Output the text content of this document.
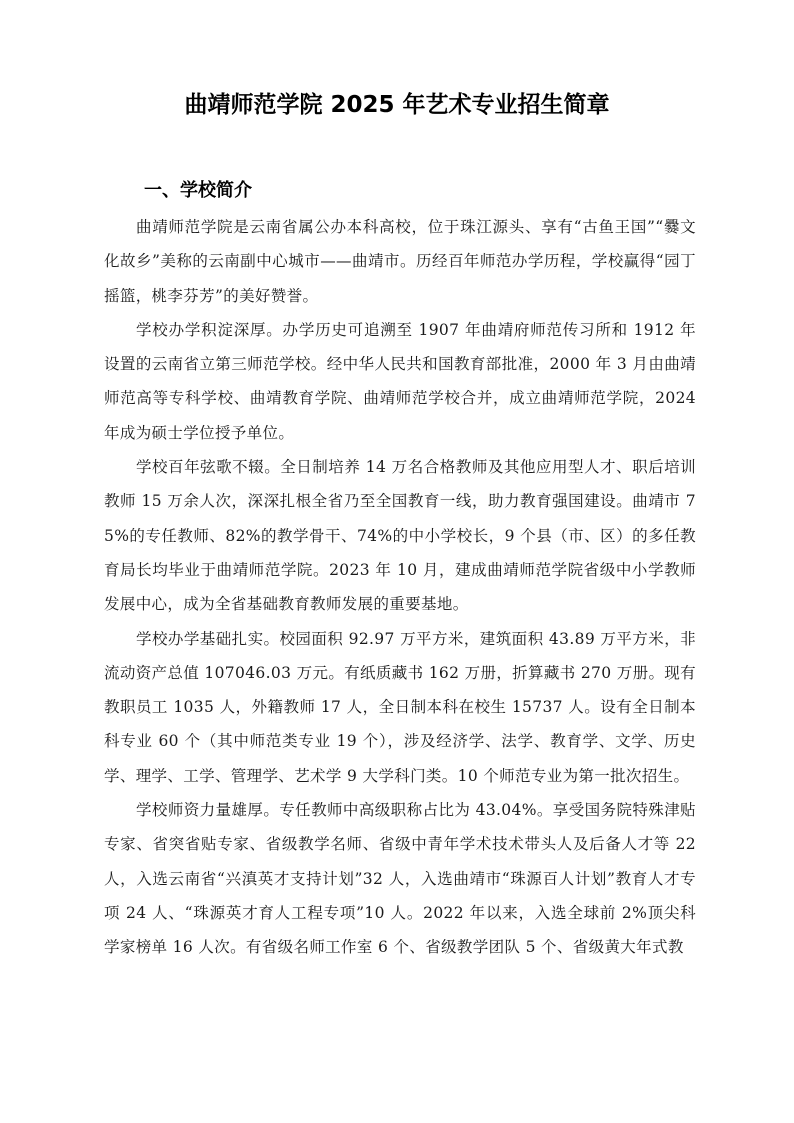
曲靖师范学院 2025 年艺术专业招生简章
一、学校简介

曲靖师范学院是云南省属公办本科高校，位于珠江源头、享有“古鱼王国”“爨文化故乡”美称的云南副中心城市——曲靖市。历经百年师范办学历程，学校赢得“园丁摇篮，桃李芬芳”的美好赞誉。

学校办学积淀深厚。办学历史可追溯至 1907 年曲靖府师范传习所和 1912 年设置的云南省立第三师范学校。经中华人民共和国教育部批准，2000 年 3 月由曲靖师范高等专科学校、曲靖教育学院、曲靖师范学校合并，成立曲靖师范学院，2024 年成为硕士学位授予单位。

学校百年弦歌不辍。全日制培养 14 万名合格教师及其他应用型人才、职后培训教师 15 万余人次，深深扎根全省乃至全国教育一线，助力教育强国建设。曲靖市 75%的专任教师、82%的教学骨干、74%的中小学校长，9 个县（市、区）的多任教育局长均毕业于曲靖师范学院。2023 年 10 月，建成曲靖师范学院省级中小学教师发展中心，成为全省基础教育教师发展的重要基地。

学校办学基础扎实。校园面积 92.97 万平方米，建筑面积 43.89 万平方米，非流动资产总值 107046.03 万元。有纸质藏书 162 万册，折算藏书 270 万册。现有教职员工 1035 人，外籍教师 17 人，全日制本科在校生 15737 人。设有全日制本科专业 60 个（其中师范类专业 19 个），涉及经济学、法学、教育学、文学、历史学、理学、工学、管理学、艺术学 9 大学科门类。10 个师范专业为第一批次招生。

学校师资力量雄厚。专任教师中高级职称占比为 43.04%。享受国务院特殊津贴专家、省突省贴专家、省级教学名师、省级中青年学术技术带头人及后备人才等 22 人，入选云南省“兴滇英才支持计划”32 人，入选曲靖市“珠源百人计划”教育人才专项 24 人、“珠源英才育人工程专项”10 人。2022 年以来，入选全球前 2%顶尖科学家榜单 16 人次。有省级名师工作室 6 个、省级教学团队 5 个、省级黄大年式教
